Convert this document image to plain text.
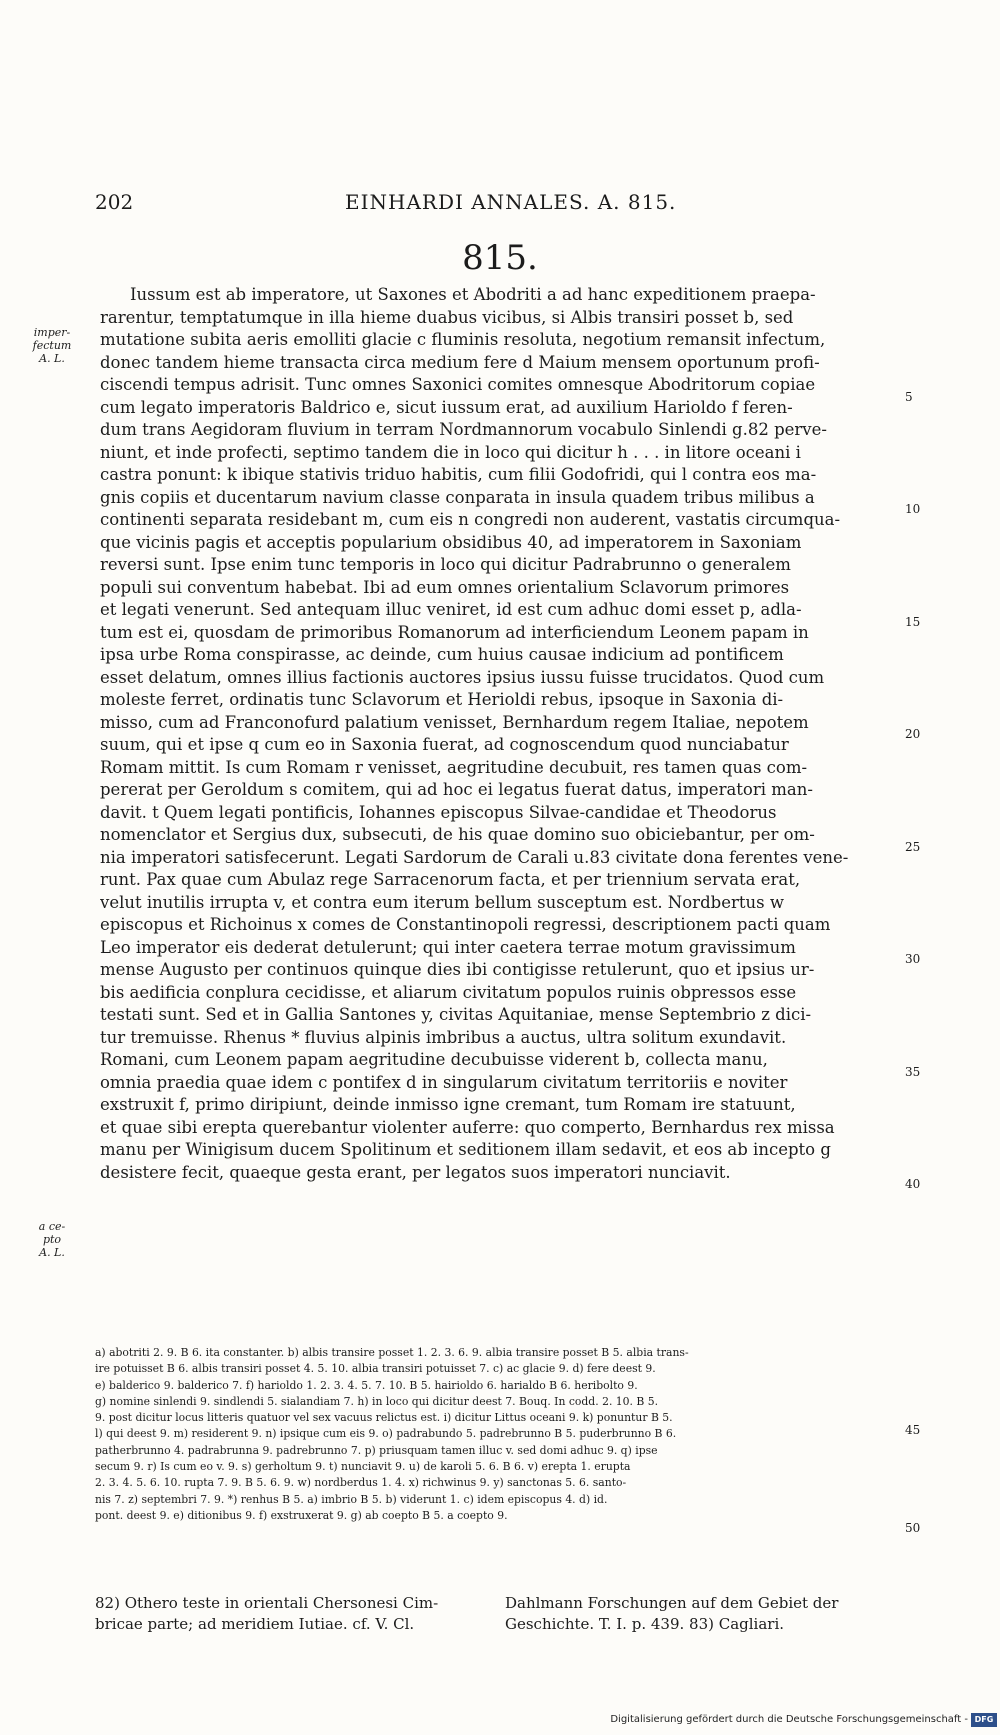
202	EINHARDI ANNALES. A. 815.
815.
imper-
fectum
A. L.
a ce-
pto
A. L.
Iussum est ab imperatore, ut Saxones et Abodriti a ad hanc expeditionem praepa-
rarentur, temptatumque in illa hieme duabus vicibus, si Albis transiri posset b, sed
mutatione subita aeris emolliti glacie c fluminis resoluta, negotium remansit infectum,
donec tandem hieme transacta circa medium fere d Maium mensem oportunum profi-
ciscendi tempus adrisit. Tunc omnes Saxonici comites omnesque Abodritorum copiae
cum legato imperatoris Baldrico e, sicut iussum erat, ad auxilium Harioldo f feren-
dum trans Aegidoram fluvium in terram Nordmannorum vocabulo Sinlendi g.82 perve-
niunt, et inde profecti, septimo tandem die in loco qui dicitur h . . . in litore oceani i
castra ponunt: k ibique stativis triduo habitis, cum filii Godofridi, qui l contra eos ma-
gnis copiis et ducentarum navium classe conparata in insula quadem tribus milibus a
continenti separata residebant m, cum eis n congredi non auderent, vastatis circumqua-
que vicinis pagis et acceptis popularium obsidibus 40, ad imperatorem in Saxoniam
reversi sunt. Ipse enim tunc temporis in loco qui dicitur Padrabrunno o generalem
populi sui conventum habebat. Ibi ad eum omnes orientalium Sclavorum primores
et legati venerunt. Sed antequam illuc veniret, id est cum adhuc domi esset p, adla-
tum est ei, quosdam de primoribus Romanorum ad interficiendum Leonem papam in
ipsa urbe Roma conspirasse, ac deinde, cum huius causae indicium ad pontificem
esset delatum, omnes illius factionis auctores ipsius iussu fuisse trucidatos. Quod cum
moleste ferret, ordinatis tunc Sclavorum et Herioldi rebus, ipsoque in Saxonia di-
misso, cum ad Franconofurd palatium venisset, Bernhardum regem Italiae, nepotem
suum, qui et ipse q cum eo in Saxonia fuerat, ad cognoscendum quod nunciabatur
Romam mittit. Is cum Romam r venisset, aegritudine decubuit, res tamen quas com-
pererat per Geroldum s comitem, qui ad hoc ei legatus fuerat datus, imperatori man-
davit. t Quem legati pontificis, Iohannes episcopus Silvae-candidae et Theodorus
nomenclator et Sergius dux, subsecuti, de his quae domino suo obiciebantur, per om-
nia imperatori satisfecerunt. Legati Sardorum de Carali u.83 civitate dona ferentes vene-
runt. Pax quae cum Abulaz rege Sarracenorum facta, et per triennium servata erat,
velut inutilis irrupta v, et contra eum iterum bellum susceptum est. Nordbertus w
episcopus et Richoinus x comes de Constantinopoli regressi, descriptionem pacti quam
Leo imperator eis dederat detulerunt; qui inter caetera terrae motum gravissimum
mense Augusto per continuos quinque dies ibi contigisse retulerunt, quo et ipsius ur-
bis aedificia conplura cecidisse, et aliarum civitatum populos ruinis obpressos esse
testati sunt. Sed et in Gallia Santones y, civitas Aquitaniae, mense Septembrio z dici-
tur tremuisse. Rhenus * fluvius alpinis imbribus a auctus, ultra solitum exundavit.
Romani, cum Leonem papam aegritudine decubuisse viderent b, collecta manu,
omnia praedia quae idem c pontifex d in singularum civitatum territoriis e noviter
exstruxit f, primo diripiunt, deinde inmisso igne cremant, tum Romam ire statuunt,
et quae sibi erepta querebantur violenter auferre: quo comperto, Bernhardus rex missa
manu per Winigisum ducem Spolitinum et seditionem illam sedavit, et eos ab incepto g
desistere fecit, quaeque gesta erant, per legatos suos imperatori nunciavit.
5
10
15
20
25
30
35
40
a) abotriti 2. 9. B 6. ita constanter. b) albis transire posset 1. 2. 3. 6. 9. albia transire posset B 5. albia trans-
ire potuisset B 6. albis transiri posset 4. 5. 10. albia transiri potuisset 7. c) ac glacie 9. d) fere deest 9.
e) balderico 9. balderico 7. f) harioldo 1. 2. 3. 4. 5. 7. 10. B 5. hairioldo 6. harialdo B 6. heriboltο 9.
g) nomine sinlendi 9. sindlendi 5. sialandiam 7. h) in loco qui dicitur deest 7. Bouq. In codd. 2. 10. B 5.
9. post dicitur locus litteris quatuor vel sex vacuus relictus est. i) dicitur Littus oceani 9. k) ponuntur B 5.
l) qui deest 9. m) residerent 9. n) ipsique cum eis 9. o) padrabundo 5. padrebrunno B 5. puderbrunno B 6.
patherbrunno 4. padrabrunna 9. padrebrunno 7. p) priusquam tamen illuc v. sed domi adhuc 9. q) ipse
secum 9. r) Is cum eo v. 9. s) gerholtum 9. t) nunciavit 9. u) de karoli 5. 6. B 6. v) erepta 1. erupta
2. 3. 4. 5. 6. 10. rupta 7. 9. B 5. 6. 9. w) nordberdus 1. 4. x) richwinus 9. y) sanctonas 5. 6. santo-
nis 7. z) septembri 7. 9. *) renhus B 5. a) imbrio B 5. b) viderunt 1. c) idem episcopus 4. d) id.
pont. deest 9. e) ditionibus 9. f) exstruxerat 9. g) ab coepto B 5. a coepto 9.
45
50
82) Othero teste in orientali Chersonesi Cim-
bricae parte; ad meridiem Iutiae. cf. V. Cl.
Dahlmann Forschungen auf dem Gebiet der
Geschichte. T. I. p. 439. 83) Cagliari.
Digitalisierung gefördert durch die Deutsche Forschungsgemeinschaft - DFG
